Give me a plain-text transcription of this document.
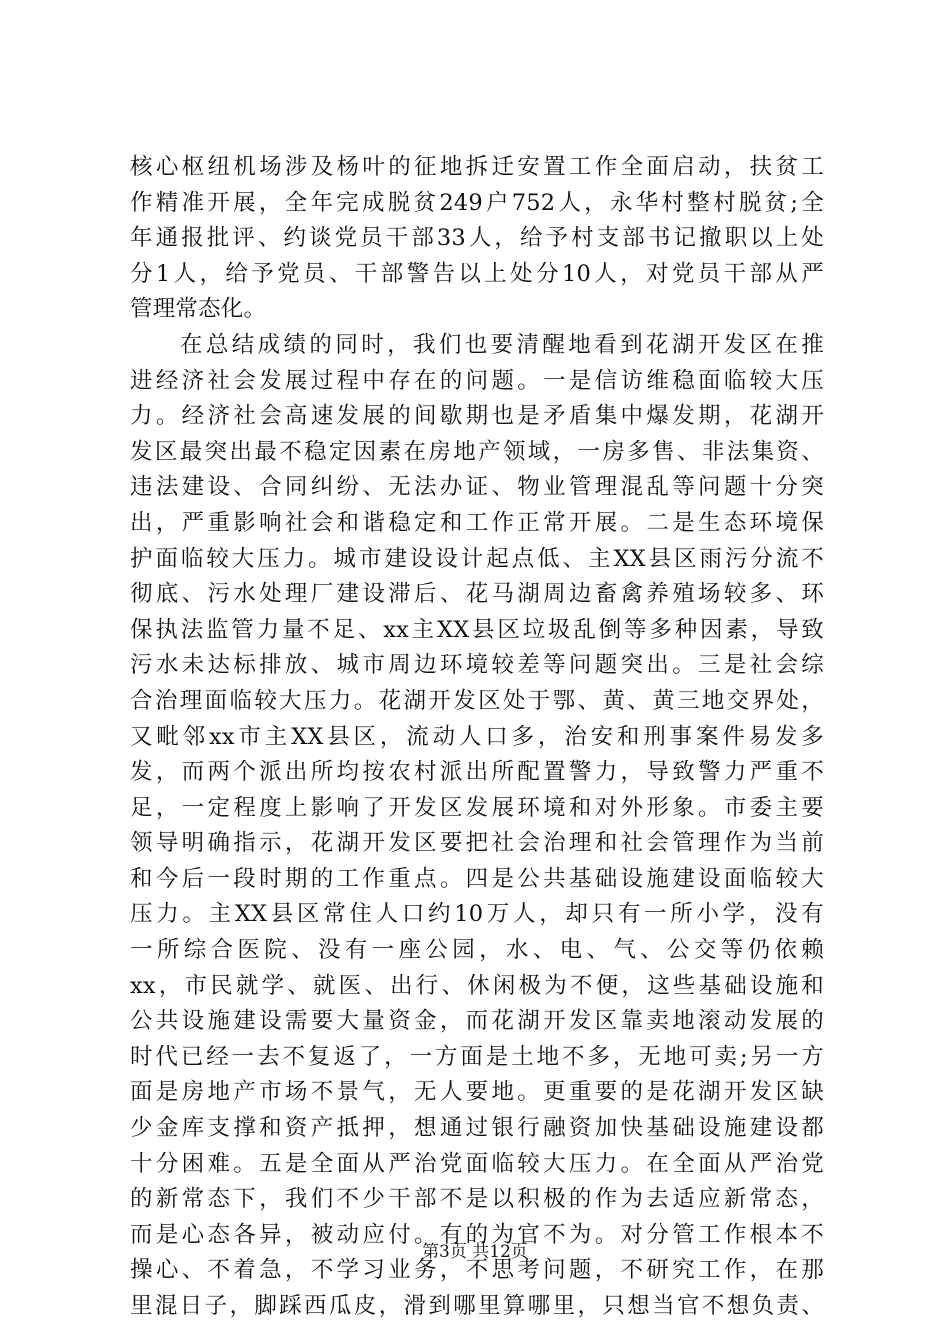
核心枢纽机场涉及杨叶的征地拆迁安置工作全面启动，扶贫工
作精准开展，全年完成脱贫249户752人，永华村整村脱贫;全
年通报批评、约谈党员干部33人，给予村支部书记撤职以上处
分1人，给予党员、干部警告以上处分10人，对党员干部从严
管理常态化。
在总结成绩的同时，我们也要清醒地看到花湖开发区在推
进经济社会发展过程中存在的问题。一是信访维稳面临较大压
力。经济社会高速发展的间歇期也是矛盾集中爆发期，花湖开
发区最突出最不稳定因素在房地产领域，一房多售、非法集资、
违法建设、合同纠纷、无法办证、物业管理混乱等问题十分突
出，严重影响社会和谐稳定和工作正常开展。二是生态环境保
护面临较大压力。城市建设设计起点低、主XX县区雨污分流不
彻底、污水处理厂建设滞后、花马湖周边畜禽养殖场较多、环
保执法监管力量不足、xx主XX县区垃圾乱倒等多种因素，导致
污水未达标排放、城市周边环境较差等问题突出。三是社会综
合治理面临较大压力。花湖开发区处于鄂、黄、黄三地交界处，
又毗邻xx市主XX县区，流动人口多，治安和刑事案件易发多
发，而两个派出所均按农村派出所配置警力，导致警力严重不
足，一定程度上影响了开发区发展环境和对外形象。市委主要
领导明确指示，花湖开发区要把社会治理和社会管理作为当前
和今后一段时期的工作重点。四是公共基础设施建设面临较大
压力。主XX县区常住人口约10万人，却只有一所小学，没有
一所综合医院、没有一座公园，水、电、气、公交等仍依赖
xx，市民就学、就医、出行、休闲极为不便，这些基础设施和
公共设施建设需要大量资金，而花湖开发区靠卖地滚动发展的
时代已经一去不复返了，一方面是土地不多，无地可卖;另一方
面是房地产市场不景气，无人要地。更重要的是花湖开发区缺
少金库支撑和资产抵押，想通过银行融资加快基础设施建设都
十分困难。五是全面从严治党面临较大压力。在全面从严治党
的新常态下，我们不少干部不是以积极的作为去适应新常态，
而是心态各异，被动应付。有的为官不为。对分管工作根本不
操心、不着急，不学习业务，不思考问题，不研究工作，在那
里混日子，脚踩西瓜皮，滑到哪里算哪里，只想当官不想负责、
第3页 共12页
